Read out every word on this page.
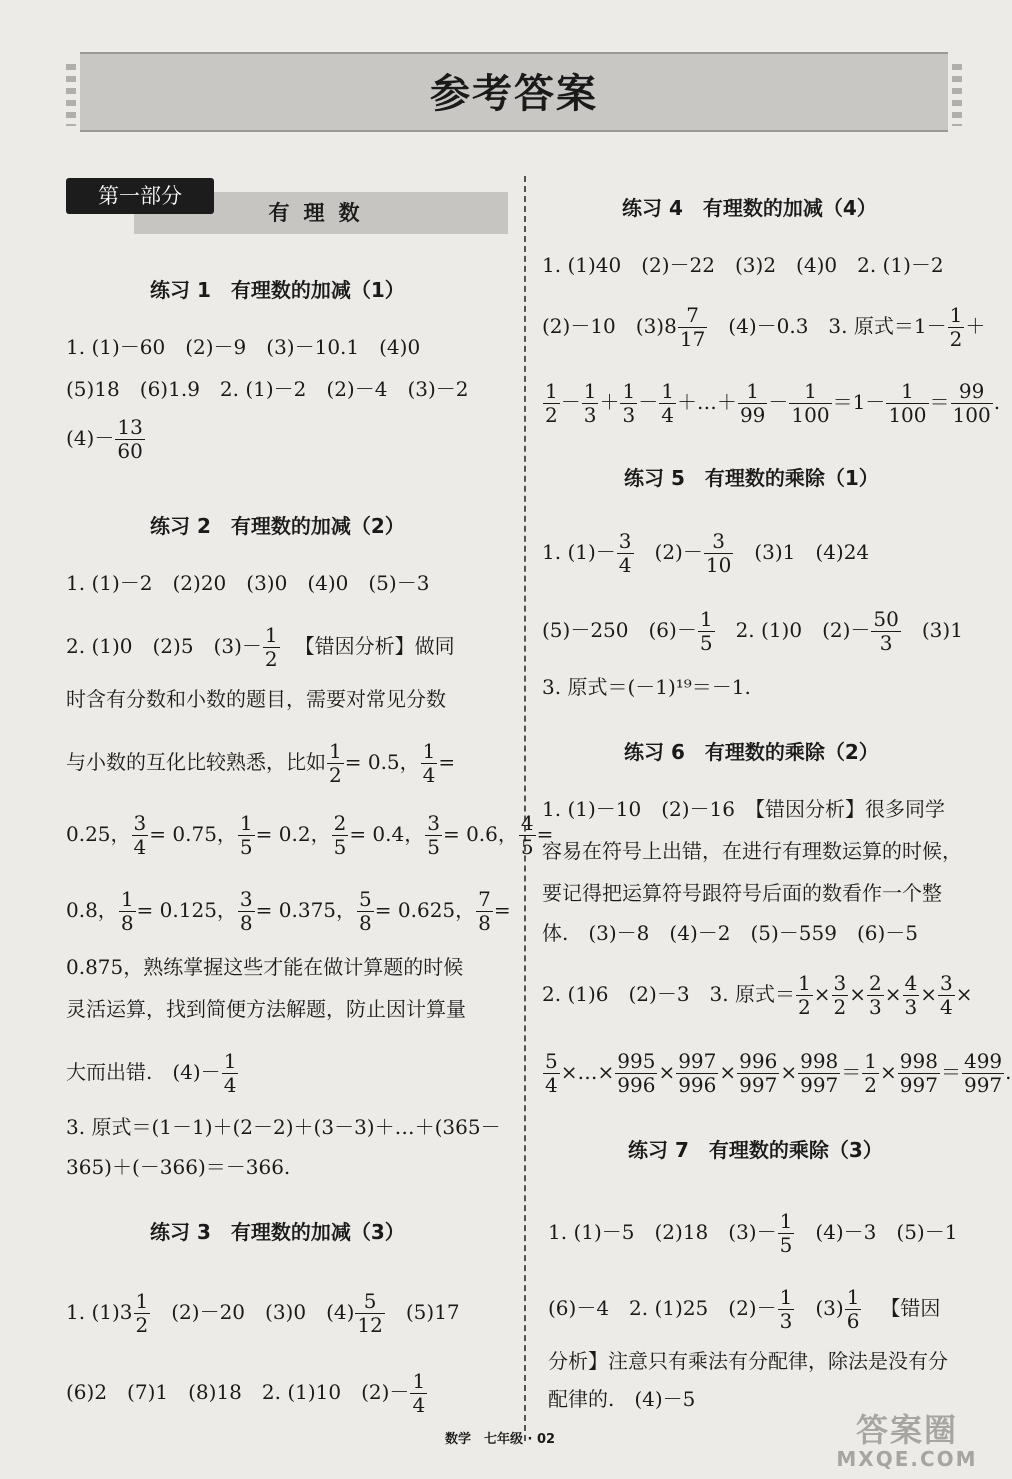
参考答案
第一部分
有理数
练习 1　有理数的加减（1）
1. (1)－60　(2)－9　(3)－10.1　(4)0
(5)18　(6)1.9　2. (1)－2　(2)－4　(3)－2
$(4)- \frac{13}{60}$
练习 2　有理数的加减（2）
1. (1)－2　(2)20　(3)0　(4)0　(5)－3
2. (1)0　(2)5　$(3)- \frac{1}{2}$ 【错因分析】做同
时含有分数和小数的题目，需要对常见分数
与小数的互化比较熟悉，比如 $\frac{1}{2} = 0.5$， $\frac{1}{4}$ =
0.25， $\frac{3}{4} = 0.75$， $\frac{1}{5} = 0.2$， $\frac{2}{5} = 0.4$， $\frac{3}{5} = 0.6$， $\frac{4}{5}$ =
0.8， $\frac{1}{8} = 0.125$， $\frac{3}{8} = 0.375$， $\frac{5}{8} = 0.625$， $\frac{7}{8}$ =
0.875，熟练掌握这些才能在做计算题的时候
灵活运算，找到简便方法解题，防止因计算量
大而出错.　$(4)- \frac{1}{4}$
3. 原式＝(1－1)＋(2－2)＋(3－3)＋…＋(365－
365)＋(－366)＝－366.
练习 3　有理数的加减（3）
1. $(1)3 \frac{1}{2}$ 　(2)－20　(3)0　$(4) \frac{5}{12}$ 　(5)17
(6)2　(7)1　(8)18　2. (1)10　$(2)- \frac{1}{4}$
练习 4　有理数的加减（4）
1. (1)40　(2)－22　(3)2　(4)0　2. (1)－2
(2)－10　$(3)8 \frac{7}{17}$ 　(4)－0.3　3. 原式$=1- \frac{1}{2}$ ＋
$\frac{1}{2} - \frac{1}{3} + \frac{1}{3} - \frac{1}{4}$ ＋…＋ $\frac{1}{99} - \frac{1}{100} =1- \frac{1}{100} = \frac{99}{100}$ .
练习 5　有理数的乘除（1）
1. $(1)- \frac{3}{4}$ 　$(2)- \frac{3}{10}$ 　(3)1　(4)24
(5)－250　$(6)- \frac{1}{5}$ 　2. (1)0　$(2)- \frac{50}{3}$ 　(3)1
3. 原式＝(－1)¹⁹＝－1.
练习 6　有理数的乘除（2）
1. (1)－10　(2)－16　【错因分析】很多同学
容易在符号上出错，在进行有理数运算的时候，
要记得把运算符号跟符号后面的数看作一个整
体.　(3)－8　(4)－2　(5)－559　(6)－5
2. (1)6　(2)－3　3. 原式＝ $\frac{1}{2} \times \frac{3}{2} \times \frac{2}{3} \times \frac{4}{3} \times \frac{3}{4}$ ×
$\frac{5}{4}$ ×…× $\frac{995}{996} \times \frac{997}{996} \times \frac{996}{997} \times \frac{998}{997} = \frac{1}{2} \times \frac{998}{997} = \frac{499}{997}$ .
练习 7　有理数的乘除（3）
1. (1)－5　(2)18　$(3)- \frac{1}{5}$ 　(4)－3　(5)－1
(6)－4　2. (1)25　$(2)- \frac{1}{3}$ 　$(3) \frac{1}{6}$ 【错因
分析】注意只有乘法有分配律，除法是没有分
配律的.　(4)－5
数学　七年级 · 02	答案圈
MXQE.COM
